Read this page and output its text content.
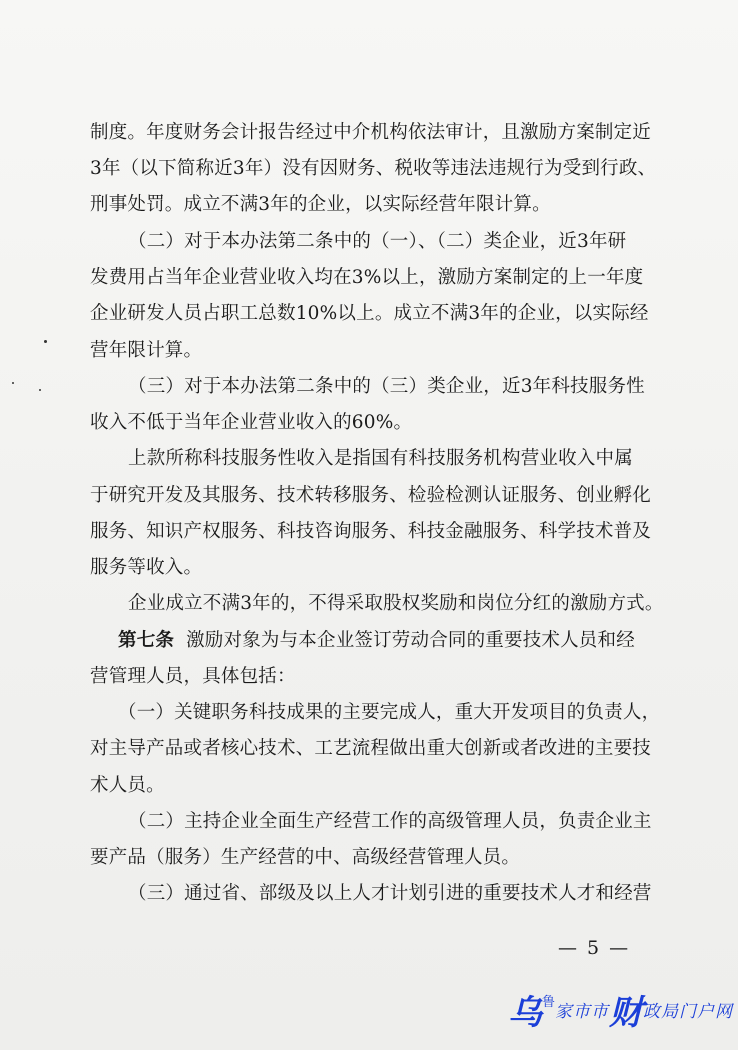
制度。年度财务会计报告经过中介机构依法审计，且激励方案制定近
3年（以下简称近3年）没有因财务、税收等违法违规行为受到行政、
刑事处罚。成立不满3年的企业，以实际经营年限计算。
（二）对于本办法第二条中的（一）、（二）类企业，近3年研
发费用占当年企业营业收入均在3%以上，激励方案制定的上一年度
企业研发人员占职工总数10%以上。成立不满3年的企业，以实际经
营年限计算。
（三）对于本办法第二条中的（三）类企业，近3年科技服务性
收入不低于当年企业营业收入的60%。
上款所称科技服务性收入是指国有科技服务机构营业收入中属
于研究开发及其服务、技术转移服务、检验检测认证服务、创业孵化
服务、知识产权服务、科技咨询服务、科技金融服务、科学技术普及
服务等收入。
企业成立不满3年的，不得采取股权奖励和岗位分红的激励方式。
第七条 激励对象为与本企业签订劳动合同的重要技术人员和经
营管理人员，具体包括：
（一）关键职务科技成果的主要完成人，重大开发项目的负责人，
对主导产品或者核心技术、工艺流程做出重大创新或者改进的主要技
术人员。
（二）主持企业全面生产经营工作的高级管理人员，负责企业主
要产品（服务）生产经营的中、高级经营管理人员。
（三）通过省、部级及以上人才计划引进的重要技术人才和经营
— 5 —
乌鲁家市市财政局门户网
